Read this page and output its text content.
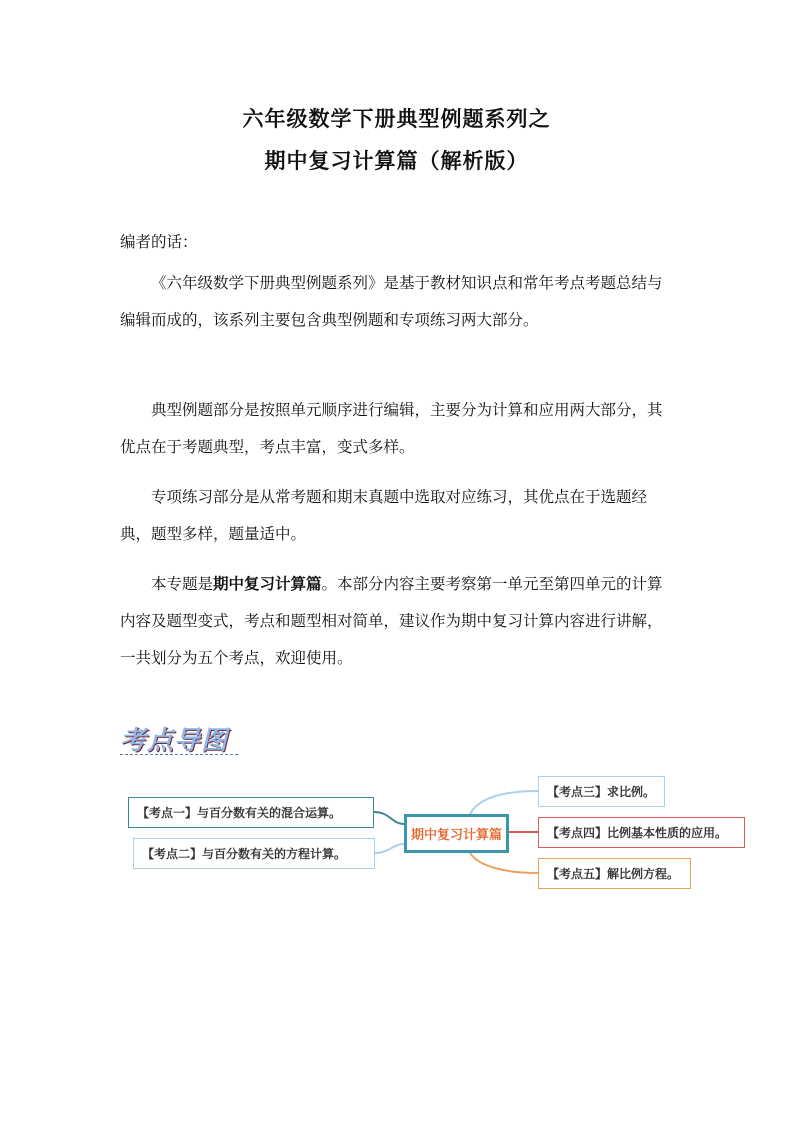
六年级数学下册典型例题系列之
期中复习计算篇（解析版）
编者的话：
《六年级数学下册典型例题系列》是基于教材知识点和常年考点考题总结与编辑而成的，该系列主要包含典型例题和专项练习两大部分。
典型例题部分是按照单元顺序进行编辑，主要分为计算和应用两大部分，其优点在于考题典型，考点丰富，变式多样。
专项练习部分是从常考题和期末真题中选取对应练习，其优点在于选题经典，题型多样，题量适中。
本专题是期中复习计算篇。本部分内容主要考察第一单元至第四单元的计算内容及题型变式，考点和题型相对简单，建议作为期中复习计算内容进行讲解，一共划分为五个考点，欢迎使用。
考点导图
【考点一】与百分数有关的混合运算。
【考点二】与百分数有关的方程计算。
期中复习计算篇
【考点三】求比例。
【考点四】比例基本性质的应用。
【考点五】解比例方程。
